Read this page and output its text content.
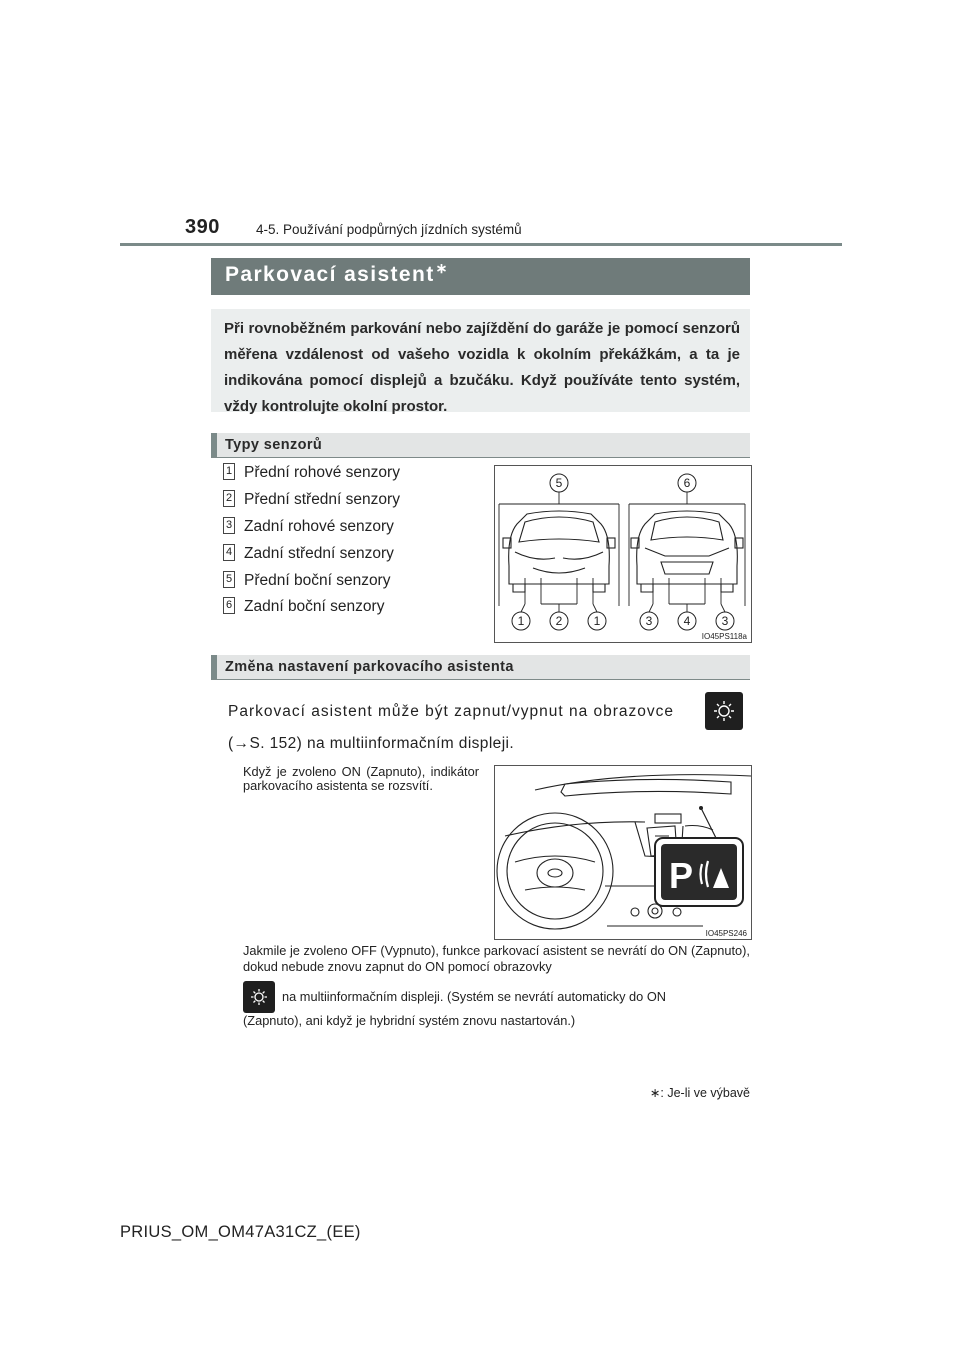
390	4-5. Používání podpůrných jízdních systémů
Parkovací asistent∗
Při rovnoběžném parkování nebo zajíždění do garáže je pomocí senzorů měřena vzdálenost od vašeho vozidla k okolním překážkám, a ta je indikována pomocí displejů a bzučáku. Když používáte tento systém, vždy kontrolujte okolní prostor.
Typy senzorů
1 Přední rohové senzory
2 Přední střední senzory
3 Zadní rohové senzory
4 Zadní střední senzory
5 Přední boční senzory
6 Zadní boční senzory
5	6
1	2	1	3	4	3
IO45PS118a
Změna nastavení parkovacího asistenta
Parkovací asistent může být zapnut/vypnut na obrazovce
(→S. 152) na multiinformačním displeji.
Když je zvoleno ON (Zapnuto), indikátor parkovacího asistenta se rozsvítí.
P
IO45PS246
Jakmile je zvoleno OFF (Vypnuto), funkce parkovací asistent se nevrátí do ON (Zapnuto), dokud nebude znovu zapnut do ON pomocí obrazovky
na multiinformačním displeji. (Systém se nevrátí automaticky do ON
(Zapnuto), ani když je hybridní systém znovu nastartován.)
∗: Je-li ve výbavě
PRIUS_OM_OM47A31CZ_(EE)
